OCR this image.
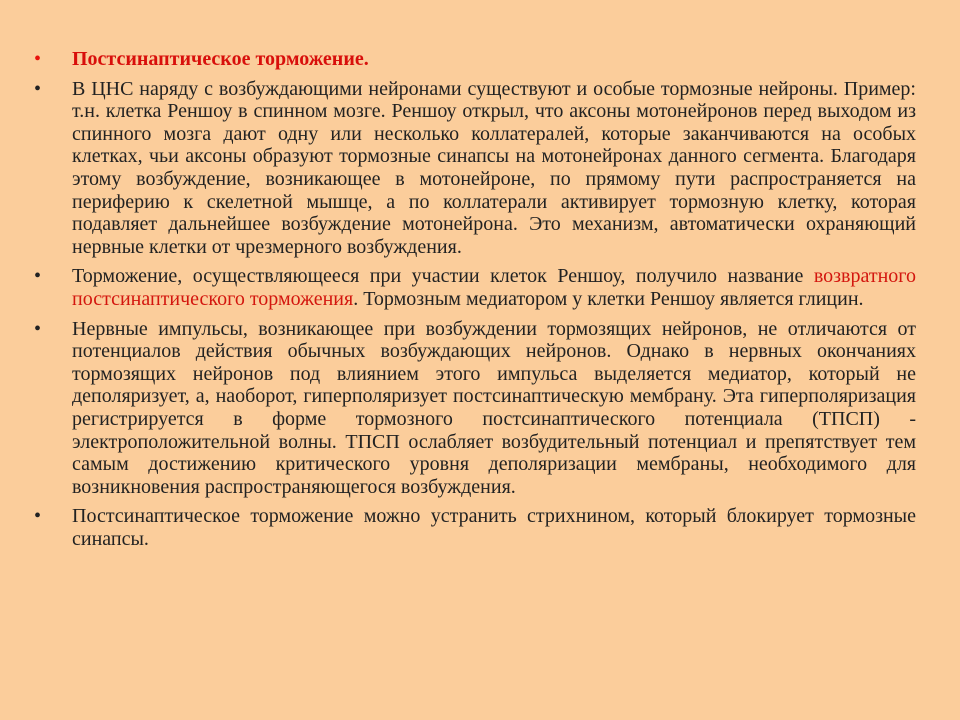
• Постсинаптическое торможение.
• В ЦНС наряду с возбуждающими нейронами существуют и особые тормозные нейроны. Пример: т.н. клетка Реншоу в спинном мозге. Реншоу открыл, что аксоны мотонейронов перед выходом из спинного мозга дают одну или несколько коллатералей, которые заканчиваются на особых клетках, чьи аксоны образуют тормозные синапсы на мотонейронах данного сегмента. Благодаря этому возбуждение, возникающее в мотонейроне, по прямому пути распространяется на периферию к скелетной мышце, а по коллатерали активирует тормозную клетку, которая подавляет дальнейшее возбуждение мотонейрона. Это механизм, автоматически охраняющий нервные клетки от чрезмерного возбуждения.
• Торможение, осуществляющееся при участии клеток Реншоу, получило название возвратного постсинаптического торможения. Тормозным медиатором у клетки Реншоу является глицин.
• Нервные импульсы, возникающее при возбуждении тормозящих нейронов, не отличаются от потенциалов действия обычных возбуждающих нейронов. Однако в нервных окончаниях тормозящих нейронов под влиянием этого импульса выделяется медиатор, который не деполяризует, а, наоборот, гиперполяризует постсинаптическую мембрану. Эта гиперполяризация регистрируется в форме тормозного постсинаптического потенциала (ТПСП) - электроположительной волны. ТПСП ослабляет возбудительный потенциал и препятствует тем самым достижению критического уровня деполяризации мембраны, необходимого для возникновения распространяющегося возбуждения.
• Постсинаптическое торможение можно устранить стрихнином, который блокирует тормозные синапсы.
